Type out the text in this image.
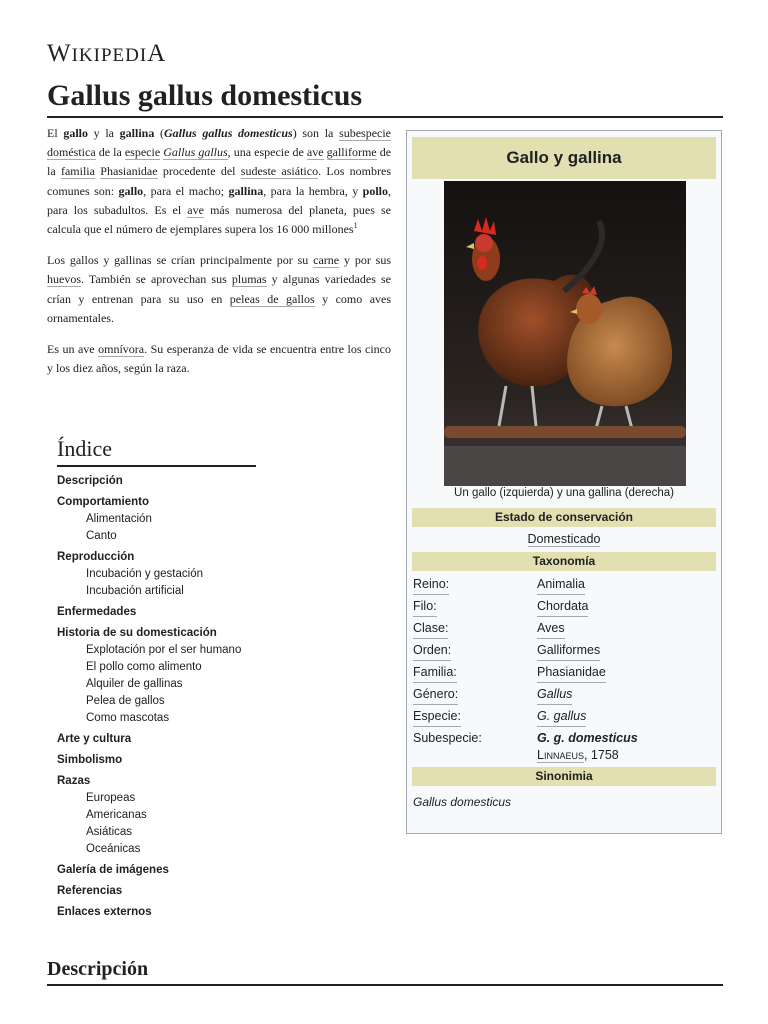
WIKIPEDIA
Gallus gallus domesticus

El gallo y la gallina (Gallus gallus domesticus) son la subespecie doméstica de la especie Gallus gallus, una especie de ave galliforme de la familia Phasianidae procedente del sudeste asiático. Los nombres comunes son: gallo, para el macho; gallina, para la hembra, y pollo, para los subadultos. Es el ave más numerosa del planeta, pues se calcula que el número de ejemplares supera los 16 000 millones$^1$

Los gallos y gallinas se crían principalmente por su carne y por sus huevos. También se aprovechan sus plumas y algunas variedades se crían y entrenan para su uso en peleas de gallos y como aves ornamentales.

Es un ave omnívora. Su esperanza de vida se encuentra entre los cinco y los diez años, según la raza.

Índice
Descripción
Comportamiento
Alimentación
Canto
Reproducción
Incubación y gestación
Incubación artificial
Enfermedades
Historia de su domesticación
Explotación por el ser humano
El pollo como alimento
Alquiler de gallinas
Pelea de gallos
Como mascotas
Arte y cultura
Simbolismo
Razas
Europeas
Americanas
Asiáticas
Oceánicas
Galería de imágenes
Referencias
Enlaces externos
Gallo y gallina
Un gallo (izquierda) y una gallina (derecha)
Estado de conservación
Domesticado
Taxonomía
Reino:	Animalia
Filo:	Chordata
Clase:	Aves
Orden:	Galliformes
Familia:	Phasianidae
Género:	Gallus
Especie:	G. gallus
Subespecie:	G. g. domesticus
Linnaeus, 1758
Sinonimia
Gallus domesticus
Descripción
